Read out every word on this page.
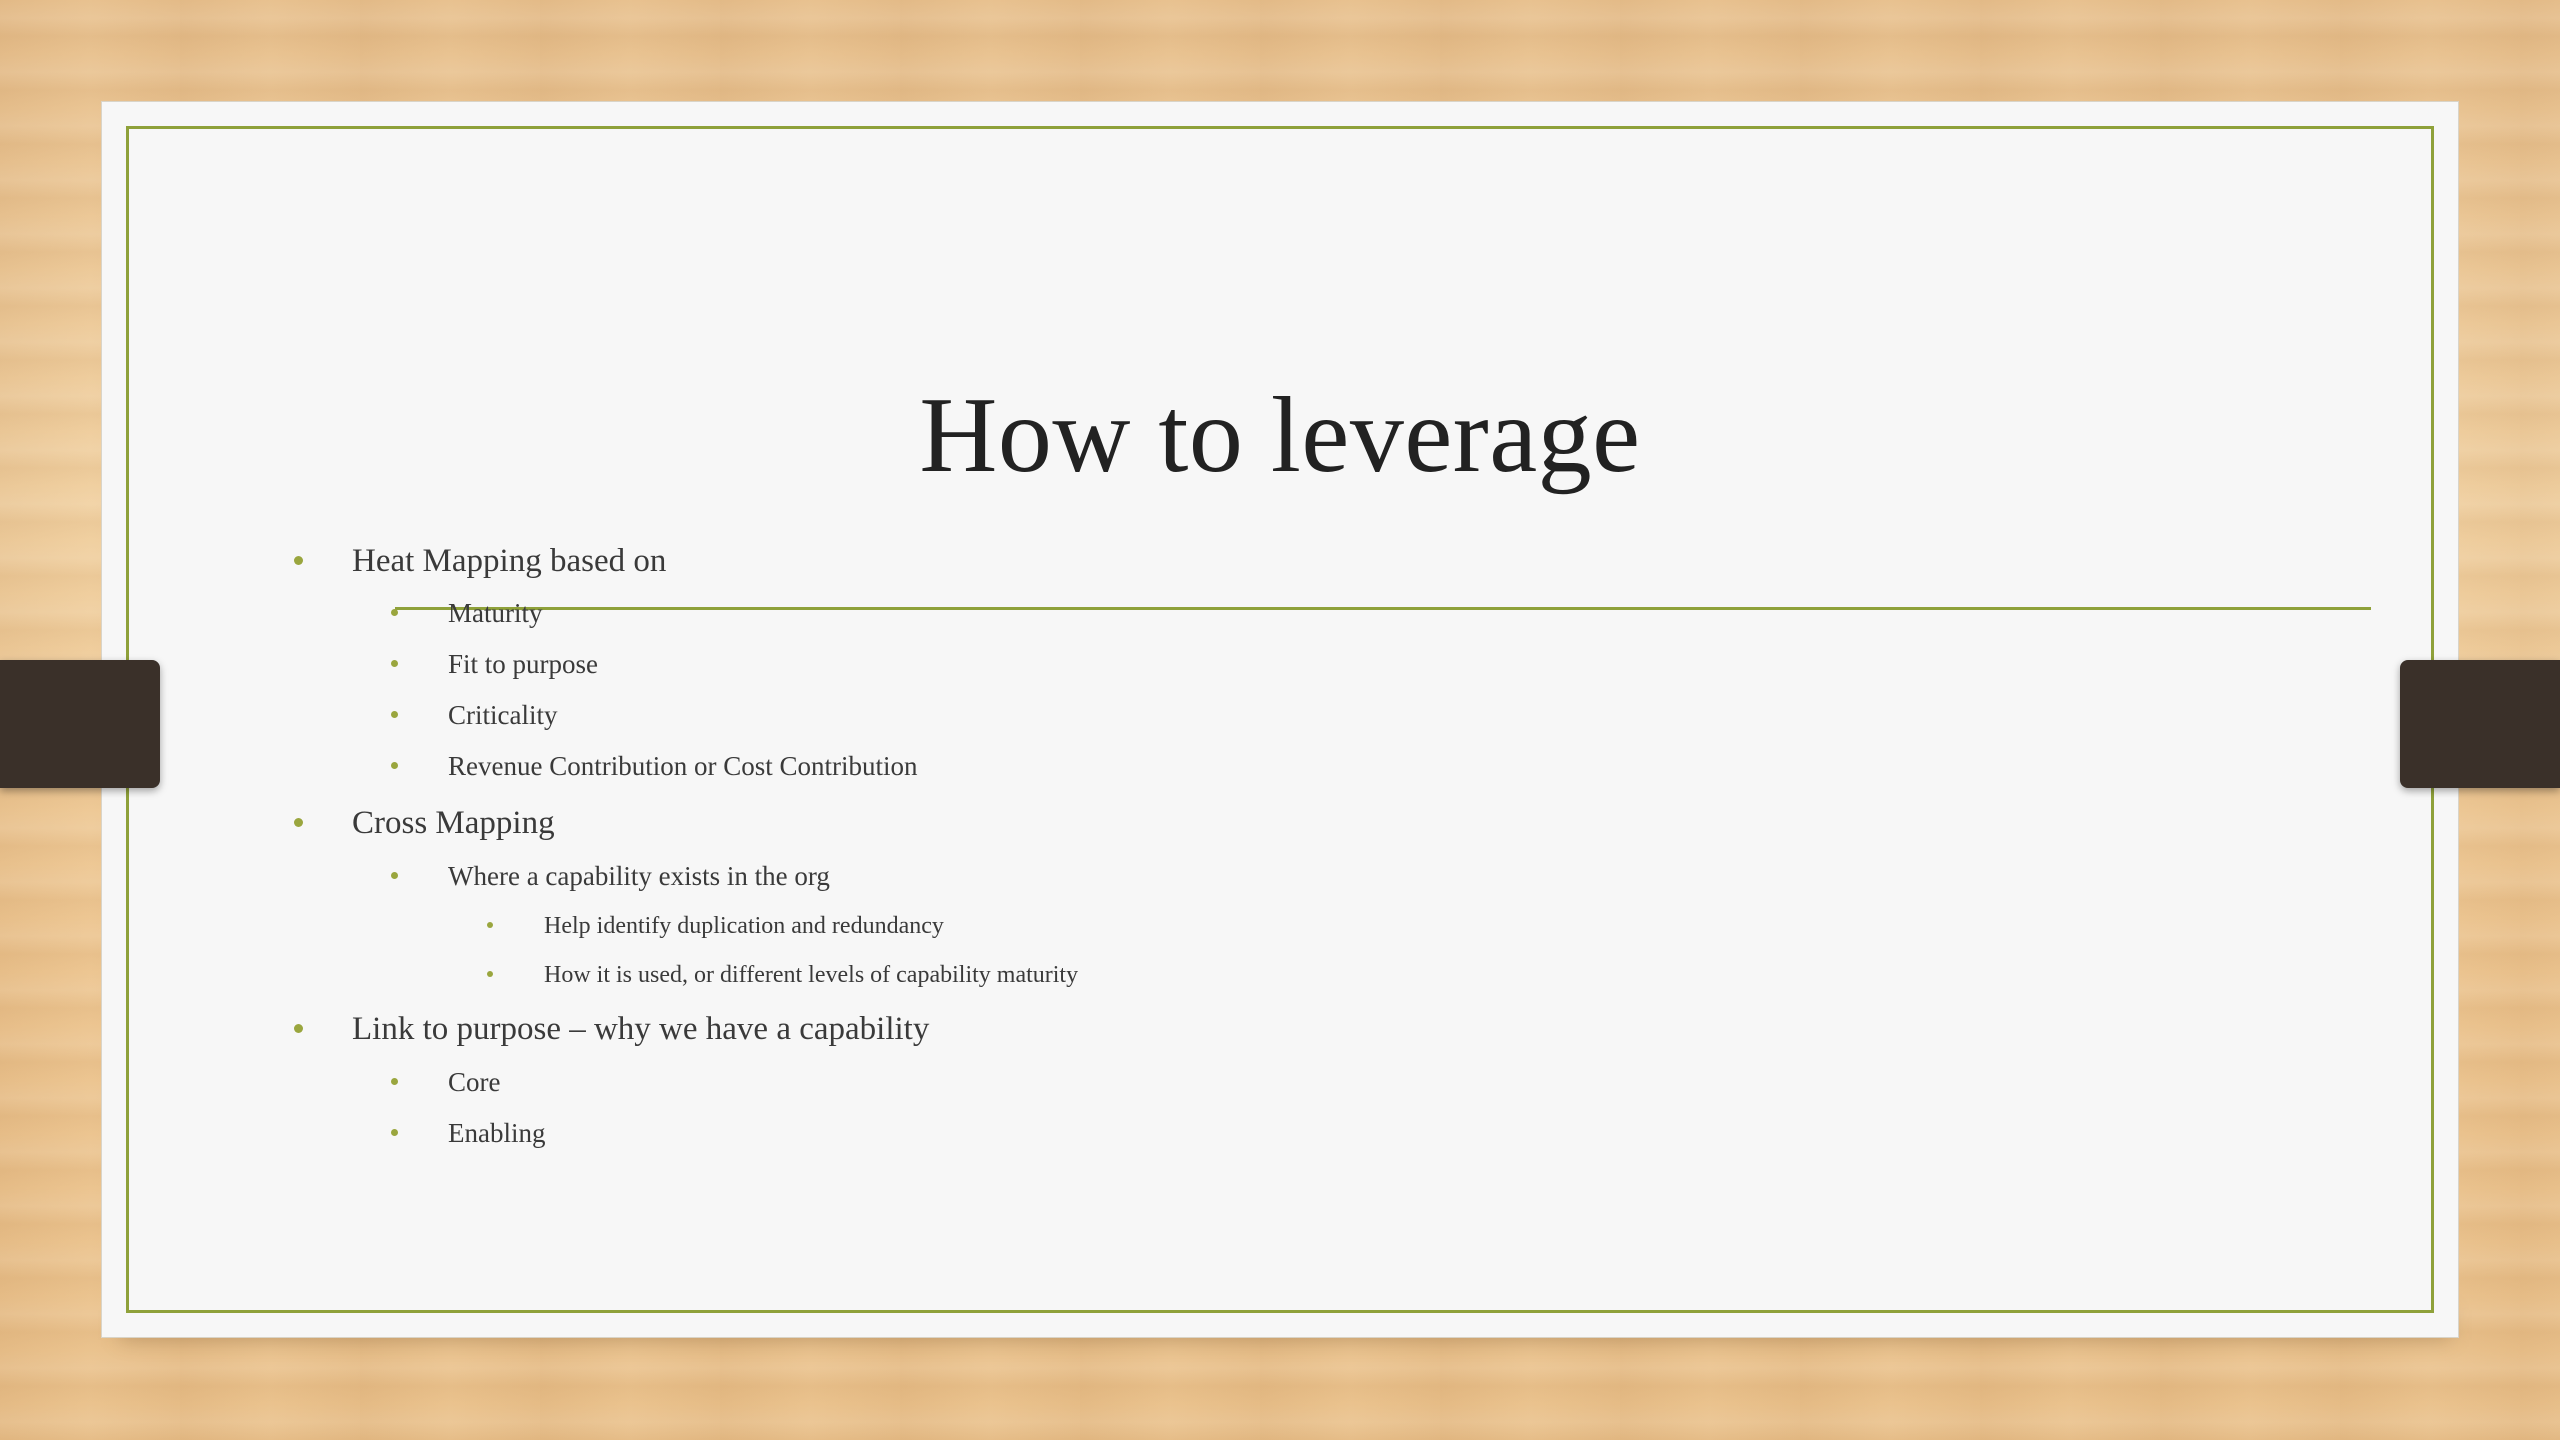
How to leverage
Heat Mapping based on
Maturity
Fit to purpose
Criticality
Revenue Contribution or Cost Contribution
Cross Mapping
Where a capability exists in the org
Help identify duplication and redundancy
How it is used, or different levels of capability maturity
Link to purpose – why we have a capability
Core
Enabling
